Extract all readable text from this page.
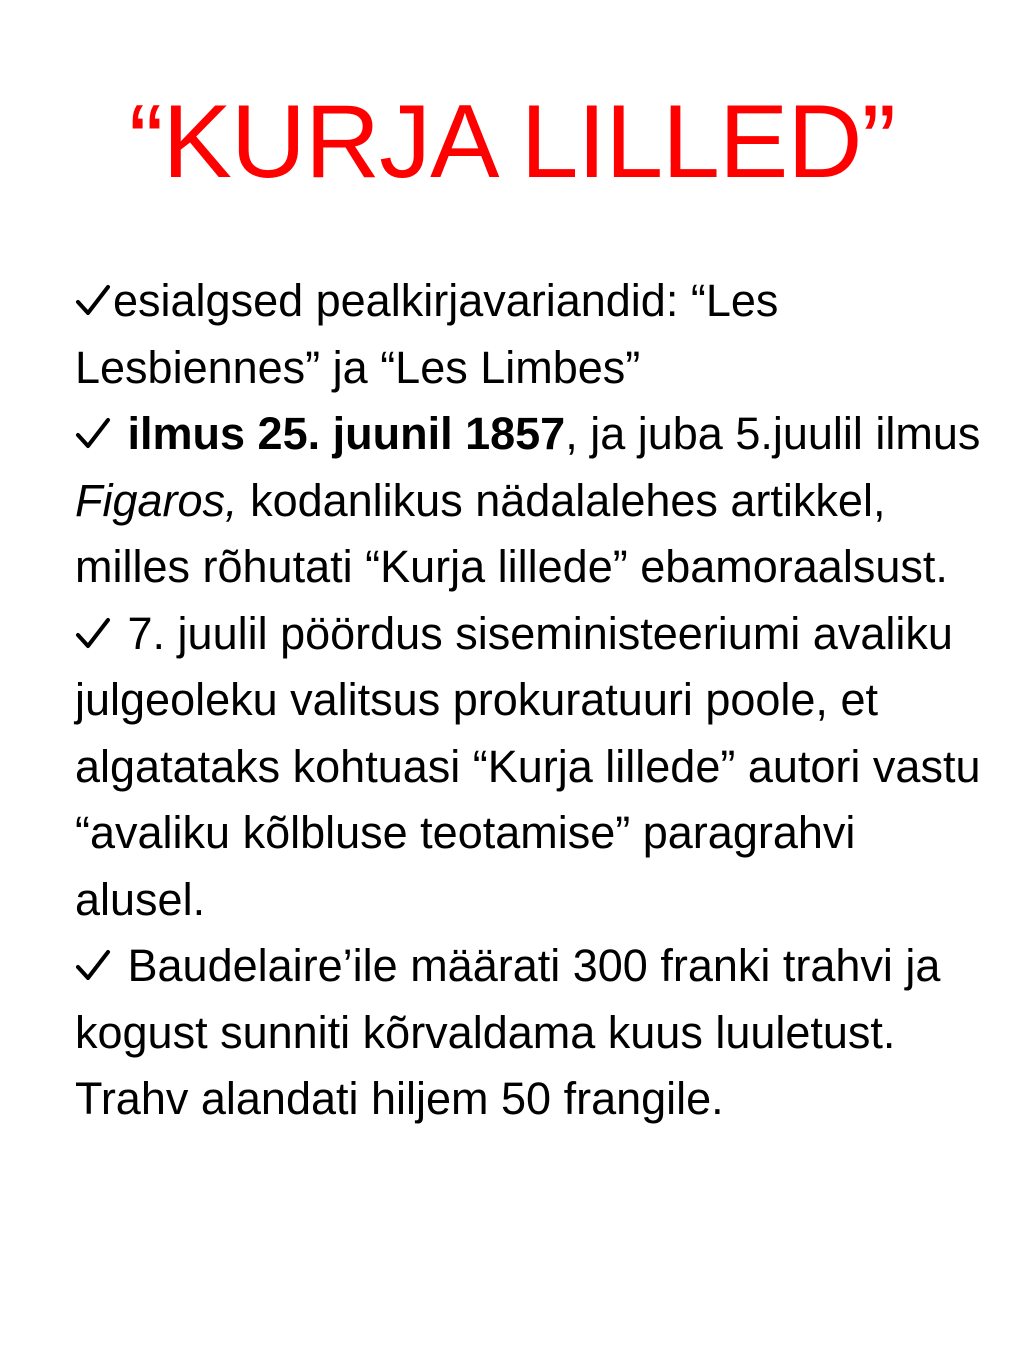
“KURJA LILLED”

esialgsed pealkirjavariandid: “Les Lesbiennes” ja “Les Limbes”

ilmus 25. juunil 1857, ja juba 5.juulil ilmus Figaros, kodanlikus nädalalehes artikkel, milles rõhutati “Kurja lillede” ebamoraalsust.

7. juulil pöördus siseministeeriumi avaliku julgeoleku valitsus prokuratuuri poole, et algatataks kohtuasi “Kurja lillede” autori vastu “avaliku kõlbluse teotamise” paragrahvi alusel.

Baudelaire’ile määrati 300 franki trahvi ja kogust sunniti kõrvaldama kuus luuletust. Trahv alandati hiljem 50 frangile.
